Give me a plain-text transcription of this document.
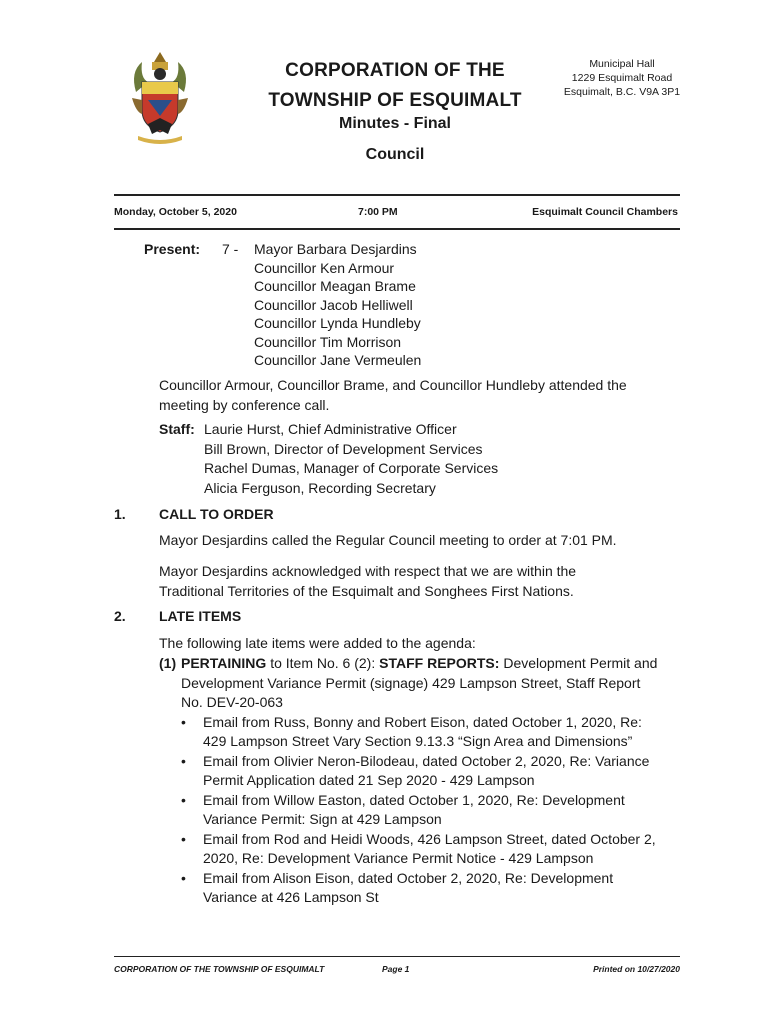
CORPORATION OF THE
TOWNSHIP OF ESQUIMALT
Municipal Hall
1229 Esquimalt Road
Esquimalt, B.C. V9A 3P1
Minutes - Final
Council
Monday, October 5, 2020	7:00 PM	Esquimalt Council Chambers
Present: 7 - Mayor Barbara Desjardins
Councillor Ken Armour
Councillor Meagan Brame
Councillor Jacob Helliwell
Councillor Lynda Hundleby
Councillor Tim Morrison
Councillor Jane Vermeulen
Councillor Armour, Councillor Brame, and Councillor Hundleby attended the meeting by conference call.
Staff: Laurie Hurst, Chief Administrative Officer
Bill Brown, Director of Development Services
Rachel Dumas, Manager of Corporate Services
Alicia Ferguson, Recording Secretary
1. CALL TO ORDER
Mayor Desjardins called the Regular Council meeting to order at 7:01 PM.
Mayor Desjardins acknowledged with respect that we are within the Traditional Territories of the Esquimalt and Songhees First Nations.
2. LATE ITEMS
The following late items were added to the agenda:
(1) PERTAINING to Item No. 6 (2): STAFF REPORTS: Development Permit and Development Variance Permit (signage) 429 Lampson Street, Staff Report No. DEV-20-063
• Email from Russ, Bonny and Robert Eison, dated October 1, 2020, Re: 429 Lampson Street Vary Section 9.13.3 “Sign Area and Dimensions”
• Email from Olivier Neron-Bilodeau, dated October 2, 2020, Re: Variance Permit Application dated 21 Sep 2020 - 429 Lampson
• Email from Willow Easton, dated October 1, 2020, Re: Development Variance Permit: Sign at 429 Lampson
• Email from Rod and Heidi Woods, 426 Lampson Street, dated October 2, 2020, Re: Development Variance Permit Notice - 429 Lampson
• Email from Alison Eison, dated October 2, 2020, Re: Development Variance at 426 Lampson St
CORPORATION OF THE TOWNSHIP OF ESQUIMALT	Page 1	Printed on 10/27/2020
